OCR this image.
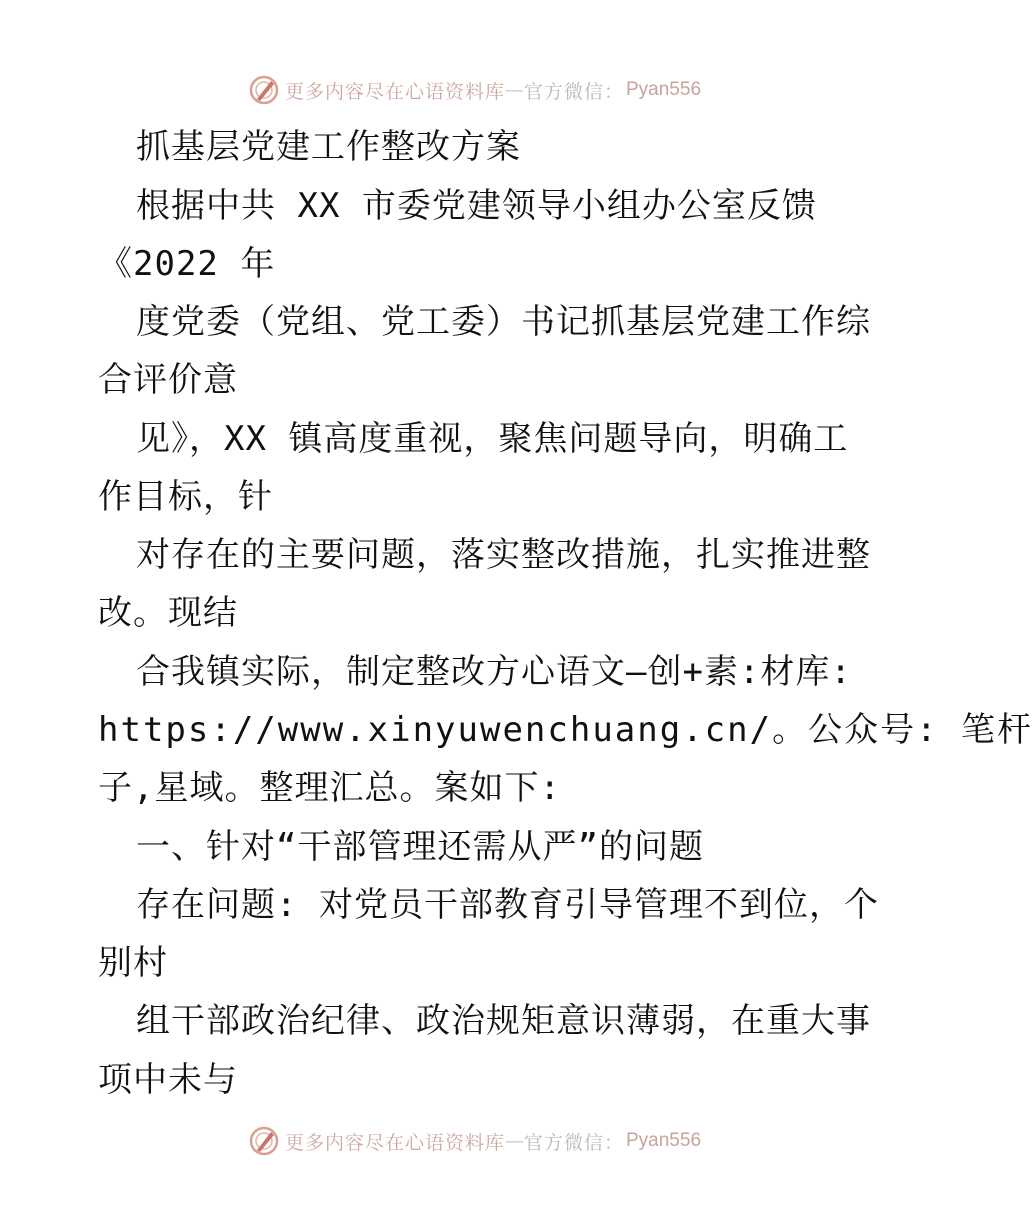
更多内容尽在心语资料库 — 官方微信： Pyan556
抓基层党建工作整改方案
根据中共 XX 市委党建领导小组办公室反馈
《2022 年
度党委（党组、党工委）书记抓基层党建工作综
合评价意
见》，XX 镇高度重视，聚焦问题导向，明确工
作目标，针
对存在的主要问题，落实整改措施，扎实推进整
改。现结
合我镇实际，制定整改方心语文—创+素:材库:
https://www.xinyuwenchuang.cn/。公众号: 笔杆
子,星域。整理汇总。案如下:
一、针对“干部管理还需从严”的问题
存在问题: 对党员干部教育引导管理不到位，个
别村
组干部政治纪律、政治规矩意识薄弱，在重大事
项中未与
更多内容尽在心语资料库 — 官方微信： Pyan556
